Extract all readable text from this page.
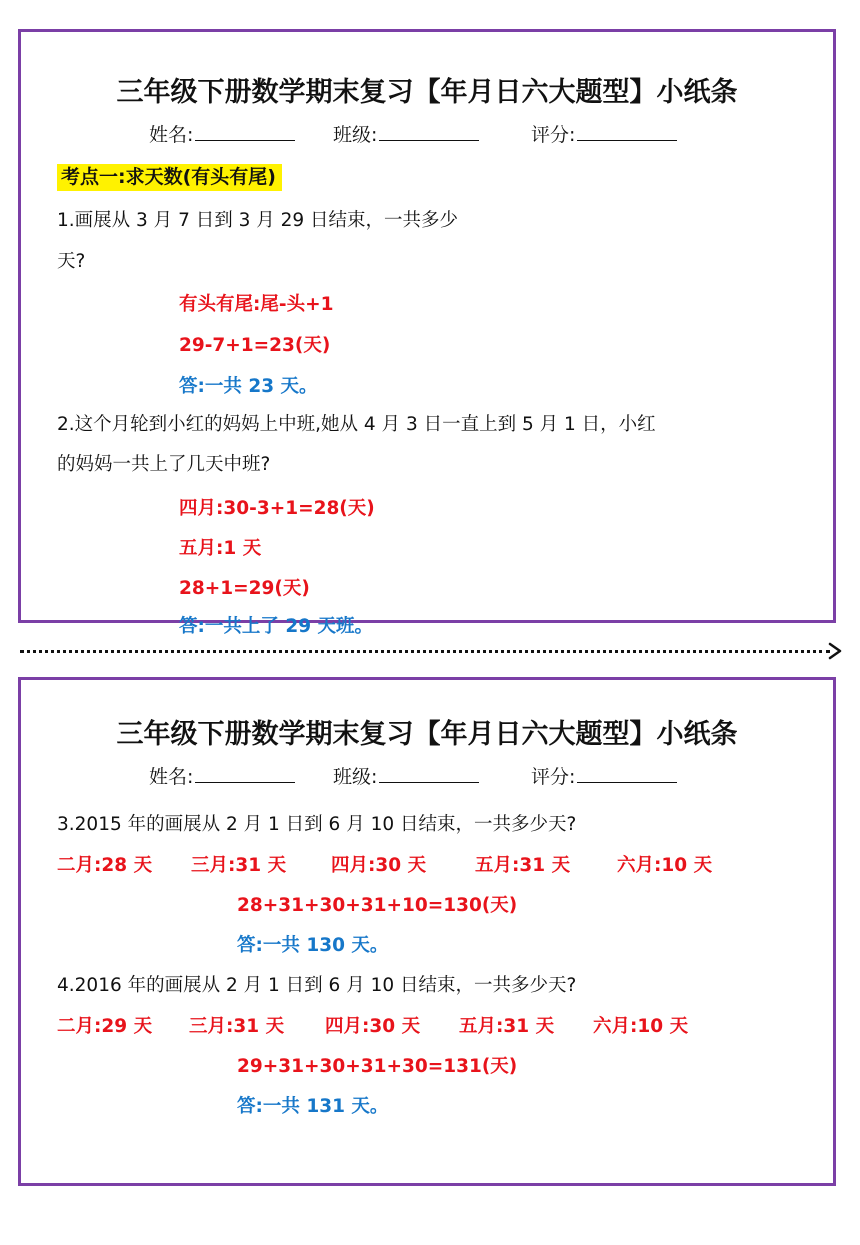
三年级下册数学期末复习【年月日六大题型】小纸条
姓名:	班级:	评分:
考点一:求天数(有头有尾)
1.画展从 3 月 7 日到 3 月 29 日结束，一共多少
天?
有头有尾:尾-头+1
29-7+1=23(天)
答:一共 23 天。
2.这个月轮到小红的妈妈上中班,她从 4 月 3 日一直上到 5 月 1 日，小红
的妈妈一共上了几天中班?
四月:30-3+1=28(天)
五月:1 天
28+1=29(天)
答:一共上了 29 天班。
三年级下册数学期末复习【年月日六大题型】小纸条
姓名:	班级:	评分:
3.2015 年的画展从 2 月 1 日到 6 月 10 日结束，一共多少天?
二月:28 天 三月:31 天 四月:30 天	五月:31 天	六月:10 天
28+31+30+31+10=130(天)
答:一共 130 天。
4.2016 年的画展从 2 月 1 日到 6 月 10 日结束，一共多少天?
二月:29 天 三月:31 天 四月:30 天 五月:31 天 六月:10 天
29+31+30+31+30=131(天)
答:一共 131 天。
